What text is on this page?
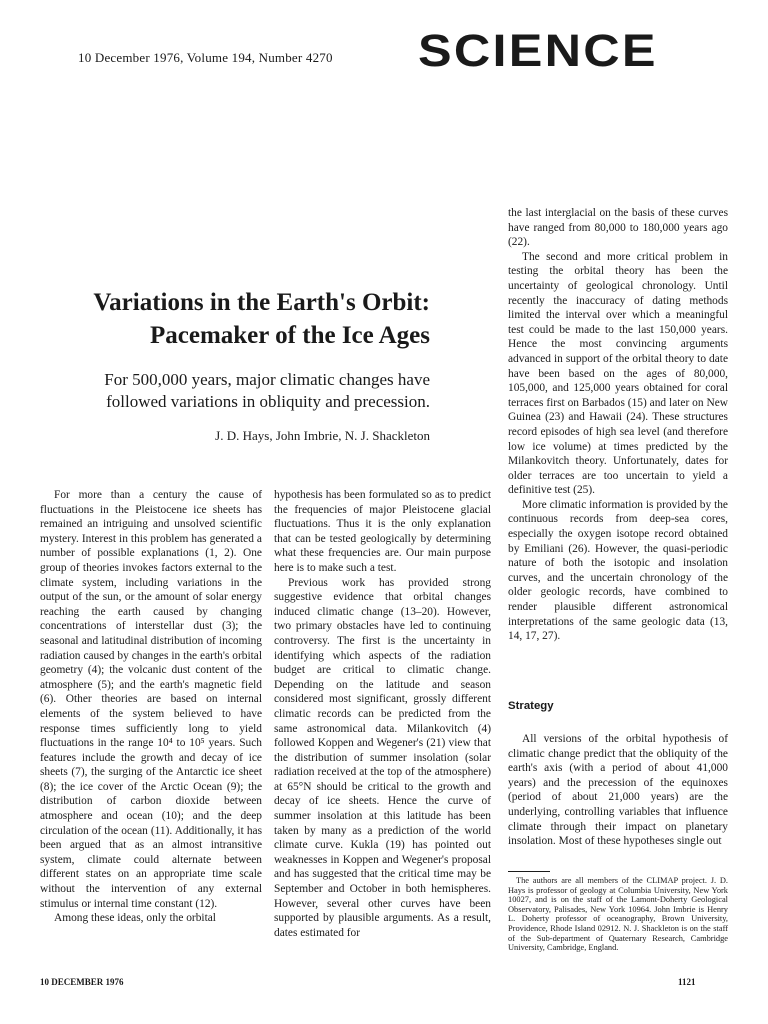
10 December 1976, Volume 194, Number 4270 SCIENCE
Variations in the Earth's Orbit:
Pacemaker of the Ice Ages
For 500,000 years, major climatic changes have
followed variations in obliquity and precession.
J. D. Hays, John Imbrie, N. J. Shackleton

For more than a century the cause of fluctuations in the Pleistocene ice sheets has remained an intriguing and unsolved scientific mystery. Interest in this problem has generated a number of possible explanations (1, 2). One group of theories invokes factors external to the climate system, including variations in the output of the sun, or the amount of solar energy reaching the earth caused by changing concentrations of interstellar dust (3); the seasonal and latitudinal distribution of incoming radiation caused by changes in the earth's orbital geometry (4); the volcanic dust content of the atmosphere (5); and the earth's magnetic field (6). Other theories are based on internal elements of the system believed to have response times sufficiently long to yield fluctuations in the range 10⁴ to 10⁵ years. Such features include the growth and decay of ice sheets (7), the surging of the Antarctic ice sheet (8); the ice cover of the Arctic Ocean (9); the distribution of carbon dioxide between atmosphere and ocean (10); and the deep circulation of the ocean (11). Additionally, it has been argued that as an almost intransitive system, climate could alternate between different states on an appropriate time scale without the intervention of any external stimulus or internal time constant (12).

Among these ideas, only the orbital

hypothesis has been formulated so as to predict the frequencies of major Pleistocene glacial fluctuations. Thus it is the only explanation that can be tested geologically by determining what these frequencies are. Our main purpose here is to make such a test.

Previous work has provided strong suggestive evidence that orbital changes induced climatic change (13–20). However, two primary obstacles have led to continuing controversy. The first is the uncertainty in identifying which aspects of the radiation budget are critical to climatic change. Depending on the latitude and season considered most significant, grossly different climatic records can be predicted from the same astronomical data. Milankovitch (4) followed Koppen and Wegener's (21) view that the distribution of summer insolation (solar radiation received at the top of the atmosphere) at 65°N should be critical to the growth and decay of ice sheets. Hence the curve of summer insolation at this latitude has been taken by many as a prediction of the world climate curve. Kukla (19) has pointed out weaknesses in Koppen and Wegener's proposal and has suggested that the critical time may be September and October in both hemispheres. However, several other curves have been supported by plausible arguments. As a result, dates estimated for

the last interglacial on the basis of these curves have ranged from 80,000 to 180,000 years ago (22).

The second and more critical problem in testing the orbital theory has been the uncertainty of geological chronology. Until recently the inaccuracy of dating methods limited the interval over which a meaningful test could be made to the last 150,000 years. Hence the most convincing arguments advanced in support of the orbital theory to date have been based on the ages of 80,000, 105,000, and 125,000 years obtained for coral terraces first on Barbados (15) and later on New Guinea (23) and Hawaii (24). These structures record episodes of high sea level (and therefore low ice volume) at times predicted by the Milankovitch theory. Unfortunately, dates for older terraces are too uncertain to yield a definitive test (25).

More climatic information is provided by the continuous records from deep-sea cores, especially the oxygen isotope record obtained by Emiliani (26). However, the quasi-periodic nature of both the isotopic and insolation curves, and the uncertain chronology of the older geologic records, have combined to render plausible different astronomical interpretations of the same geologic data (13, 14, 17, 27).

Strategy

All versions of the orbital hypothesis of climatic change predict that the obliquity of the earth's axis (with a period of about 41,000 years) and the precession of the equinoxes (period of about 21,000 years) are the underlying, controlling variables that influence climate through their impact on planetary insolation. Most of these hypotheses single out

The authors are all members of the CLIMAP project. J. D. Hays is professor of geology at Columbia University, New York 10027, and is on the staff of the Lamont-Doherty Geological Observatory, Palisades, New York 10964. John Imbrie is Henry L. Doherty professor of oceanography, Brown University, Providence, Rhode Island 02912. N. J. Shackleton is on the staff of the Sub-department of Quaternary Research, Cambridge University, Cambridge, England.

10 DECEMBER 1976	1121
